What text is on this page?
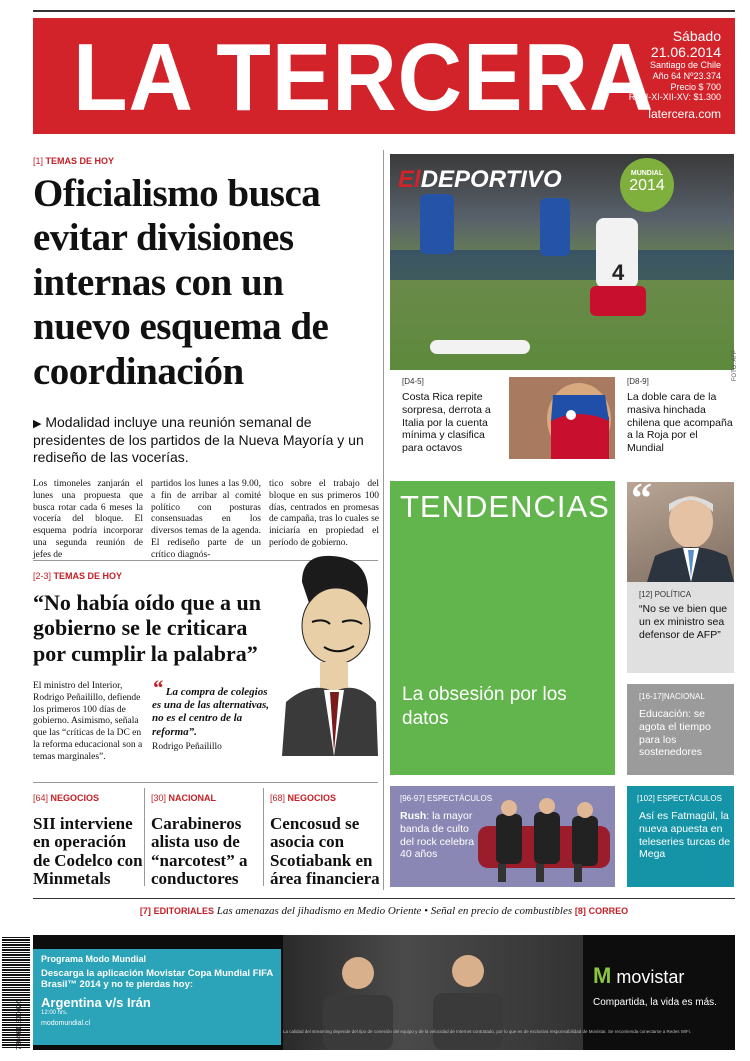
LA TERCERA	Sábado
21.06.2014
Santiago de Chile
Año 64 Nº23.374
Precio $ 700
R.I-II-XI-XII-XV: $1.300
latercera.com
[1] TEMAS DE HOY
Oficialismo busca evitar divisiones internas con un nuevo esquema de coordinación
▶ Modalidad incluye una reunión semanal de presidentes de los partidos de la Nueva Mayoría y un rediseño de las vocerías.
Los timoneles zanjarán el lunes una propuesta que busca rotar cada 6 meses la vocería del bloque. El esquema podría incorporar una segunda reunión de jefes de
partidos los lunes a las 9.00, a fin de arribar al comité político con posturas consensuadas en los diversos temas de la agenda. El rediseño parte de un crítico diagnós-
tico sobre el trabajo del bloque en sus primeros 100 días, centrados en promesas de campaña, tras lo cuales se iniciaría en propiedad el período de gobierno.
[2-3] TEMAS DE HOY
“No había oído que a un gobierno se le criticara por cumplir la palabra”
El ministro del Interior, Rodrigo Peñailillo, defiende los primeros 100 días de gobierno. Asimismo, señala que las “críticas de la DC en la reforma educacional son a temas marginales”.
“ La compra de colegios es una de las alternativas, no es el centro de la reforma”.
Rodrigo Peñailillo
[64] NEGOCIOS
SII interviene en operación de Codelco con Minmetals
[30] NACIONAL
Carabineros alista uso de “narcotest” a conductores
[68] NEGOCIOS
Cencosud se asocia con Scotiabank en área financiera
4
ElDEPORTIVO	MUNDIAL
2014
FOTO: AFP
[D4-5]
Costa Rica repite sorpresa, derrota a Italia por la cuenta mínima y clasifica para octavos
[D8-9]
La doble cara de la masiva hinchada chilena que acompaña a la Roja por el Mundial
TENDENCIAS
La obsesión por los datos
“
[12] POLÍTICA
“No se ve bien que un ex ministro sea defensor de AFP”
[16-17]NACIONAL
Educación: se agota el tiempo para los sostenedores
[96-97] ESPECTÁCULOS
Rush: la mayor banda de culto del rock celebra 40 años
[102] ESPECTÁCULOS
Así es Fatmagül, la nueva apuesta en teleseries turcas de Mega
[7] EDITORIALES Las amenazas del jihadismo en Medio Oriente • Señal en precio de combustibles [8] CORREO
7804611930026
Programa Modo Mundial
Descarga la aplicación Movistar Copa Mundial FIFA Brasil™ 2014 y no te pierdas hoy:
Argentina v/s Irán
12:00 hrs.
modomundial.cl
M movistar
Compartida, la vida es más.
La calidad del streaming depende del tipo de conexión del equipo y de la velocidad de Internet contratado, por lo que es de exclusiva responsabilidad de Movistar. Se recomienda conectarse a Redes WiFi.
